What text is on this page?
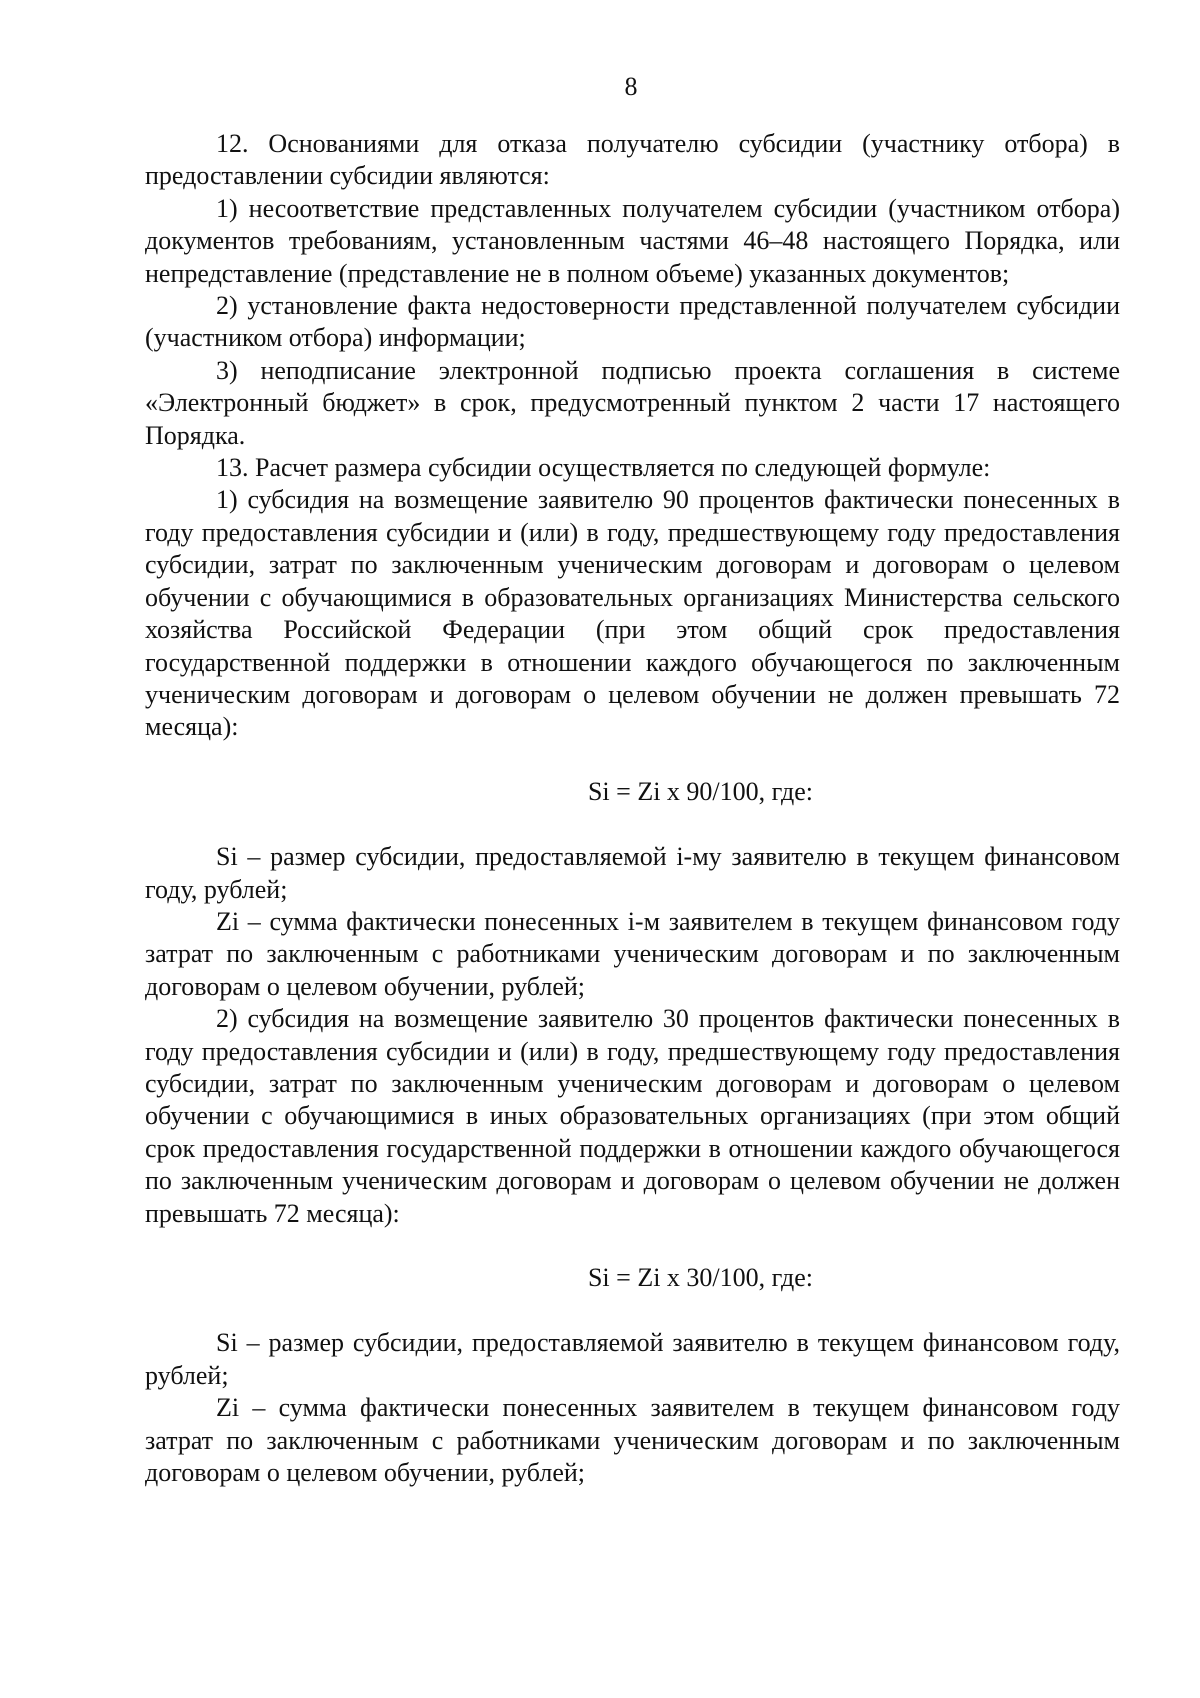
8

12. Основаниями для отказа получателю субсидии (участнику отбора) в предоставлении субсидии являются:

1) несоответствие представленных получателем субсидии (участником отбора) документов требованиям, установленным частями 46–48 настоящего Порядка, или непредставление (представление не в полном объеме) указанных документов;

2) установление факта недостоверности представленной получателем субсидии (участником отбора) информации;

3) неподписание электронной подписью проекта соглашения в системе «Электронный бюджет» в срок, предусмотренный пунктом 2 части 17 настоящего Порядка.

13. Расчет размера субсидии осуществляется по следующей формуле:

1) субсидия на возмещение заявителю 90 процентов фактически понесенных в году предоставления субсидии и (или) в году, предшествующему году предоставления субсидии, затрат по заключенным ученическим договорам и договорам о целевом обучении с обучающимися в образовательных организациях Министерства сельского хозяйства Российской Федерации (при этом общий срок предоставления государственной поддержки в отношении каждого обучающегося по заключенным ученическим договорам и договорам о целевом обучении не должен превышать 72 месяца):

Si = Zi x 90/100, где:

Si – размер субсидии, предоставляемой i-му заявителю в текущем финансовом году, рублей;

Zi – сумма фактически понесенных i-м заявителем в текущем финансовом году затрат по заключенным с работниками ученическим договорам и по заключенным договорам о целевом обучении, рублей;

2) субсидия на возмещение заявителю 30 процентов фактически понесенных в году предоставления субсидии и (или) в году, предшествующему году предоставления субсидии, затрат по заключенным ученическим договорам и договорам о целевом обучении с обучающимися в иных образовательных организациях (при этом общий срок предоставления государственной поддержки в отношении каждого обучающегося по заключенным ученическим договорам и договорам о целевом обучении не должен превышать 72 месяца):

Si = Zi x 30/100, где:

Si – размер субсидии, предоставляемой заявителю в текущем финансовом году, рублей;

Zi – сумма фактически понесенных заявителем в текущем финансовом году затрат по заключенным с работниками ученическим договорам и по заключенным договорам о целевом обучении, рублей;
